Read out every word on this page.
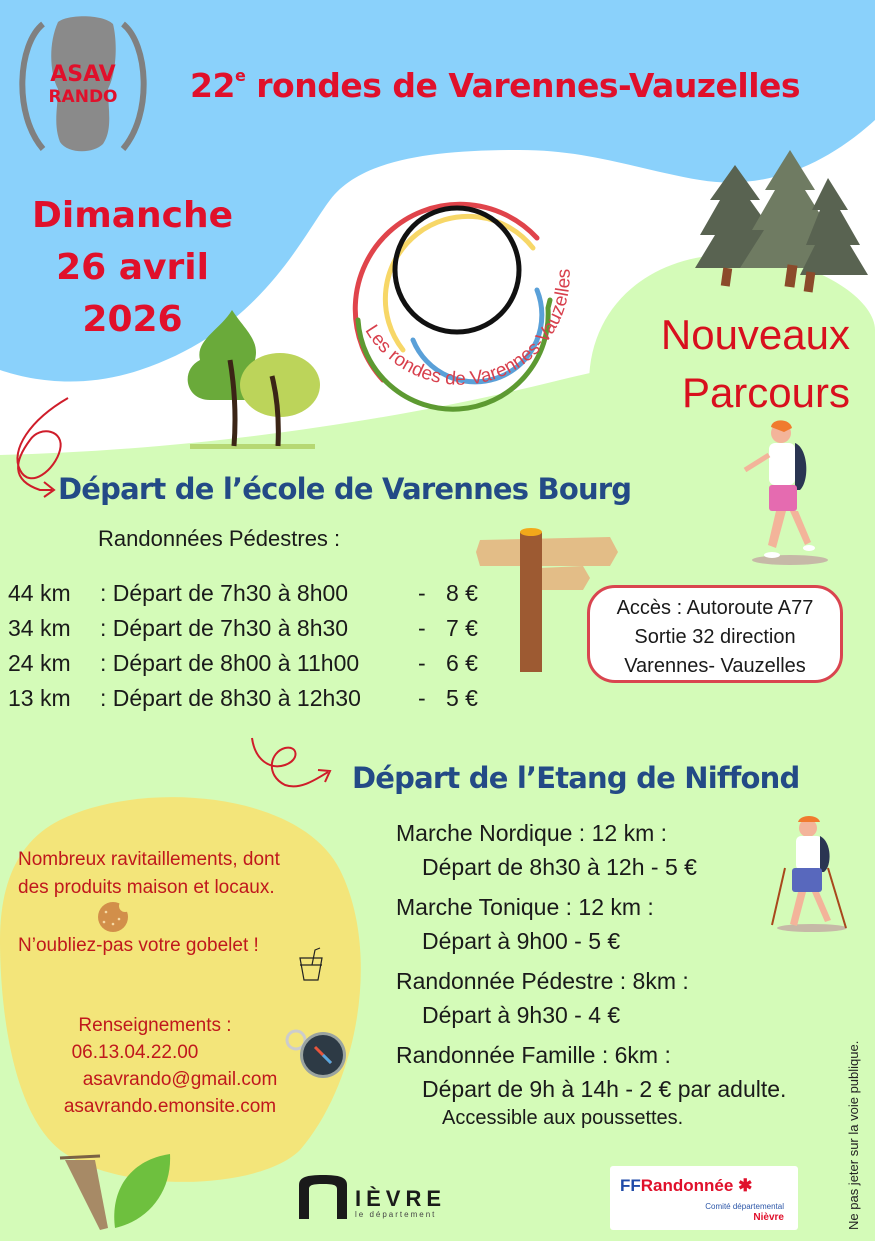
ASAV
RANDO	22e rondes de Varennes-Vauzelles
Dimanche
26 avril
2026	Les rondes de Varennes-Vauzelles
Nouveaux
Parcours
Départ de l’école de Varennes Bourg
Randonnées Pédestres :
44 km	: Départ de 7h30 à 8h00	- 8 €
34 km	: Départ de 7h30 à 8h30	- 7 €
24 km	: Départ de 8h00 à 11h00	- 6 €
13 km	: Départ de 8h30 à 12h30	- 5 €
Accès : Autoroute A77
Sortie 32 direction
Varennes- Vauzelles
Départ de l’Etang de Niffond
Marche Nordique : 12 km :
Départ de 8h30 à 12h - 5 €
Marche Tonique : 12 km :
Départ à 9h00 - 5 €
Randonnée Pédestre : 8km :
Départ à 9h30 - 4 €
Randonnée Famille : 6km :
Départ de 9h à 14h - 2 € par adulte.
Accessible aux poussettes.
Nombreux ravitaillements, dont des produits maison et locaux.
N’oubliez-pas votre gobelet !
Renseignements :
06.13.04.22.00
asavrando@gmail.com
asavrando.emonsite.com
IÈVRE
le département
FFRandonnée ✱
Comité départemental
Nièvre	Ne pas jeter sur la voie publique.
